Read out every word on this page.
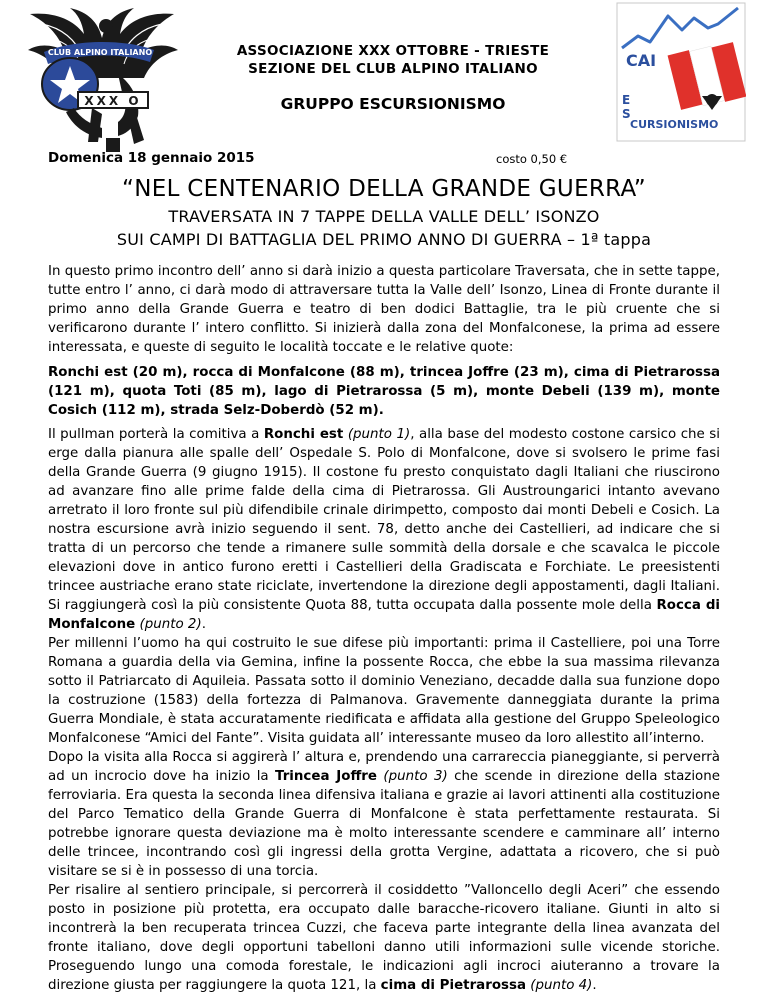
CLUB ALPINO ITALIANO
XXX O
CAI
E
S
CURSIONISMO
ASSOCIAZIONE XXX OTTOBRE - TRIESTE
SEZIONE DEL CLUB ALPINO ITALIANO
GRUPPO ESCURSIONISMO
Domenica 18 gennaio 2015	costo 0,50 €
“NEL CENTENARIO DELLA GRANDE GUERRA”
TRAVERSATA IN 7 TAPPE DELLA VALLE DELL’ ISONZO
SUI CAMPI DI BATTAGLIA DEL PRIMO ANNO DI GUERRA – 1ª tappa
In questo primo incontro dell’ anno si darà inizio a questa particolare Traversata, che in sette tappe, tutte entro l’ anno, ci darà modo di attraversare tutta la Valle dell’ Isonzo, Linea di Fronte durante il primo anno della Grande Guerra e teatro di ben dodici Battaglie, tra le più cruente che si verificarono durante l’ intero conflitto. Si inizierà dalla zona del Monfalconese, la prima ad essere interessata, e queste di seguito le località toccate e le relative quote:
Ronchi est (20 m), rocca di Monfalcone (88 m), trincea Joffre (23 m), cima di Pietrarossa (121 m), quota Toti (85 m), lago di Pietrarossa (5 m), monte Debeli (139 m), monte Cosich (112 m), strada Selz-Doberdò (52 m).
Il pullman porterà la comitiva a Ronchi est (punto 1), alla base del modesto costone carsico che si erge dalla pianura alle spalle dell’ Ospedale S. Polo di Monfalcone, dove si svolsero le prime fasi della Grande Guerra (9 giugno 1915). Il costone fu presto conquistato dagli Italiani che riuscirono ad avanzare fino alle prime falde della cima di Pietrarossa. Gli Austroungarici intanto avevano arretrato il loro fronte sul più difendibile crinale dirimpetto, composto dai monti Debeli e Cosich. La nostra escursione avrà inizio seguendo il sent. 78, detto anche dei Castellieri, ad indicare che si tratta di un percorso che tende a rimanere sulle sommità della dorsale e che scavalca le piccole elevazioni dove in antico furono eretti i Castellieri della Gradiscata e Forchiate. Le preesistenti trincee austriache erano state riciclate, invertendone la direzione degli appostamenti, dagli Italiani. Si raggiungerà così la più consistente Quota 88, tutta occupata dalla possente mole della Rocca di Monfalcone (punto 2).
Per millenni l’uomo ha qui costruito le sue difese più importanti: prima il Castelliere, poi una Torre Romana a guardia della via Gemina, infine la possente Rocca, che ebbe la sua massima rilevanza sotto il Patriarcato di Aquileia. Passata sotto il dominio Veneziano, decadde dalla sua funzione dopo la costruzione (1583) della fortezza di Palmanova. Gravemente danneggiata durante la prima Guerra Mondiale, è stata accuratamente riedificata e affidata alla gestione del Gruppo Speleologico Monfalconese “Amici del Fante”. Visita guidata all’ interessante museo da loro allestito all’interno.
Dopo la visita alla Rocca si aggirerà l’ altura e, prendendo una carrareccia pianeggiante, si perverrà ad un incrocio dove ha inizio la Trincea Joffre (punto 3) che scende in direzione della stazione ferroviaria. Era questa la seconda linea difensiva italiana e grazie ai lavori attinenti alla costituzione del Parco Tematico della Grande Guerra di Monfalcone è stata perfettamente restaurata. Si potrebbe ignorare questa deviazione ma è molto interessante scendere e camminare all’ interno delle trincee, incontrando così gli ingressi della grotta Vergine, adattata a ricovero, che si può visitare se si è in possesso di una torcia.
Per risalire al sentiero principale, si percorrerà il cosiddetto ”Valloncello degli Aceri” che essendo posto in posizione più protetta, era occupato dalle baracche-ricovero italiane. Giunti in alto si incontrerà la ben recuperata trincea Cuzzi, che faceva parte integrante della linea avanzata del fronte italiano, dove degli opportuni tabelloni danno utili informazioni sulle vicende storiche. Proseguendo lungo una comoda forestale, le indicazioni agli incroci aiuteranno a trovare la direzione giusta per raggiungere la quota 121, la cima di Pietrarossa (punto 4).
